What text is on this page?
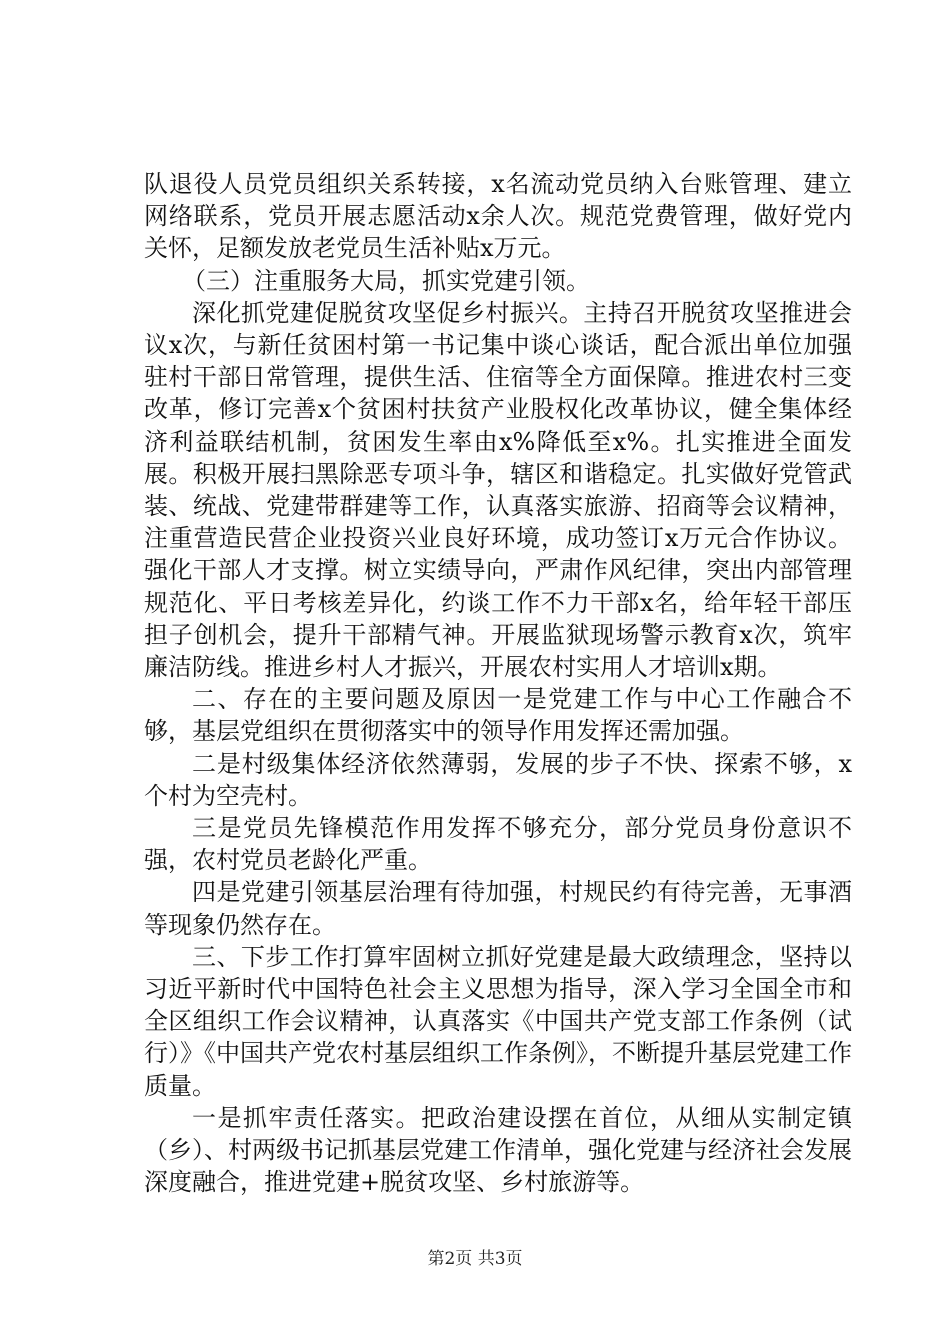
队退役人员党员组织关系转接，x名流动党员纳入台账管理、建立网络联系，党员开展志愿活动x余人次。规范党费管理，做好党内关怀，足额发放老党员生活补贴x万元。

（三）注重服务大局，抓实党建引领。

深化抓党建促脱贫攻坚促乡村振兴。主持召开脱贫攻坚推进会议x次，与新任贫困村第一书记集中谈心谈话，配合派出单位加强驻村干部日常管理，提供生活、住宿等全方面保障。推进农村三变改革，修订完善x个贫困村扶贫产业股权化改革协议，健全集体经济利益联结机制，贫困发生率由x%降低至x%。扎实推进全面发展。积极开展扫黑除恶专项斗争，辖区和谐稳定。扎实做好党管武装、统战、党建带群建等工作，认真落实旅游、招商等会议精神，注重营造民营企业投资兴业良好环境，成功签订x万元合作协议。强化干部人才支撑。树立实绩导向，严肃作风纪律，突出内部管理规范化、平日考核差异化，约谈工作不力干部x名，给年轻干部压担子创机会，提升干部精气神。开展监狱现场警示教育x次，筑牢廉洁防线。推进乡村人才振兴，开展农村实用人才培训x期。

二、存在的主要问题及原因一是党建工作与中心工作融合不够，基层党组织在贯彻落实中的领导作用发挥还需加强。

二是村级集体经济依然薄弱，发展的步子不快、探索不够，x个村为空壳村。

三是党员先锋模范作用发挥不够充分，部分党员身份意识不强，农村党员老龄化严重。

四是党建引领基层治理有待加强，村规民约有待完善，无事酒等现象仍然存在。

三、下步工作打算牢固树立抓好党建是最大政绩理念，坚持以习近平新时代中国特色社会主义思想为指导，深入学习全国全市和全区组织工作会议精神，认真落实《中国共产党支部工作条例（试行）》《中国共产党农村基层组织工作条例》，不断提升基层党建工作质量。

一是抓牢责任落实。把政治建设摆在首位，从细从实制定镇（乡）、村两级书记抓基层党建工作清单，强化党建与经济社会发展深度融合，推进党建+脱贫攻坚、乡村旅游等。

第2页 共3页
